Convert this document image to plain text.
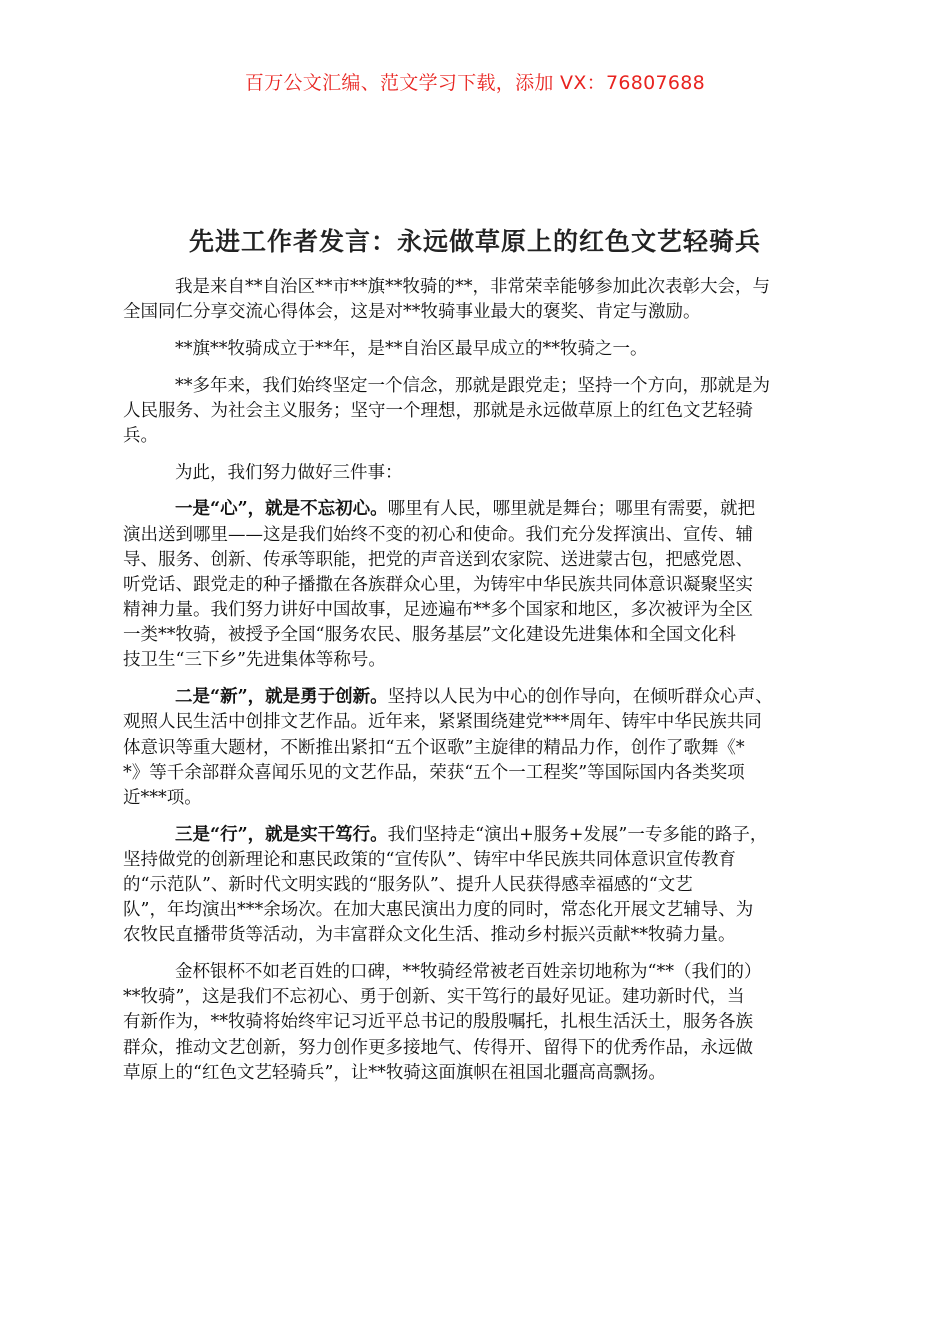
百万公文汇编、范文学习下载，添加 VX：76807688
先进工作者发言：永远做草原上的红色文艺轻骑兵
我是来自**自治区**市**旗**牧骑的**，非常荣幸能够参加此次表彰大会，与
全国同仁分享交流心得体会，这是对**牧骑事业最大的褒奖、肯定与激励。
**旗**牧骑成立于**年，是**自治区最早成立的**牧骑之一。
**多年来，我们始终坚定一个信念，那就是跟党走；坚持一个方向，那就是为
人民服务、为社会主义服务；坚守一个理想，那就是永远做草原上的红色文艺轻骑
兵。
为此，我们努力做好三件事：
一是“心”，就是不忘初心。哪里有人民，哪里就是舞台；哪里有需要，就把
演出送到哪里——这是我们始终不变的初心和使命。我们充分发挥演出、宣传、辅
导、服务、创新、传承等职能，把党的声音送到农家院、送进蒙古包，把感党恩、
听党话、跟党走的种子播撒在各族群众心里，为铸牢中华民族共同体意识凝聚坚实
精神力量。我们努力讲好中国故事，足迹遍布**多个国家和地区，多次被评为全区
一类**牧骑，被授予全国“服务农民、服务基层”文化建设先进集体和全国文化科
技卫生“三下乡”先进集体等称号。
二是“新”，就是勇于创新。坚持以人民为中心的创作导向，在倾听群众心声、
观照人民生活中创排文艺作品。近年来，紧紧围绕建党***周年、铸牢中华民族共同
体意识等重大题材，不断推出紧扣“五个讴歌”主旋律的精品力作，创作了歌舞《*
*》等千余部群众喜闻乐见的文艺作品，荣获“五个一工程奖”等国际国内各类奖项
近***项。
三是“行”，就是实干笃行。我们坚持走“演出+服务+发展”一专多能的路子，
坚持做党的创新理论和惠民政策的“宣传队”、铸牢中华民族共同体意识宣传教育
的“示范队”、新时代文明实践的“服务队”、提升人民获得感幸福感的“文艺
队”，年均演出***余场次。在加大惠民演出力度的同时，常态化开展文艺辅导、为
农牧民直播带货等活动，为丰富群众文化生活、推动乡村振兴贡献**牧骑力量。
金杯银杯不如老百姓的口碑，**牧骑经常被老百姓亲切地称为“**（我们的）
**牧骑”，这是我们不忘初心、勇于创新、实干笃行的最好见证。建功新时代，当
有新作为，**牧骑将始终牢记习近平总书记的殷殷嘱托，扎根生活沃土，服务各族
群众，推动文艺创新，努力创作更多接地气、传得开、留得下的优秀作品，永远做
草原上的“红色文艺轻骑兵”，让**牧骑这面旗帜在祖国北疆高高飘扬。
